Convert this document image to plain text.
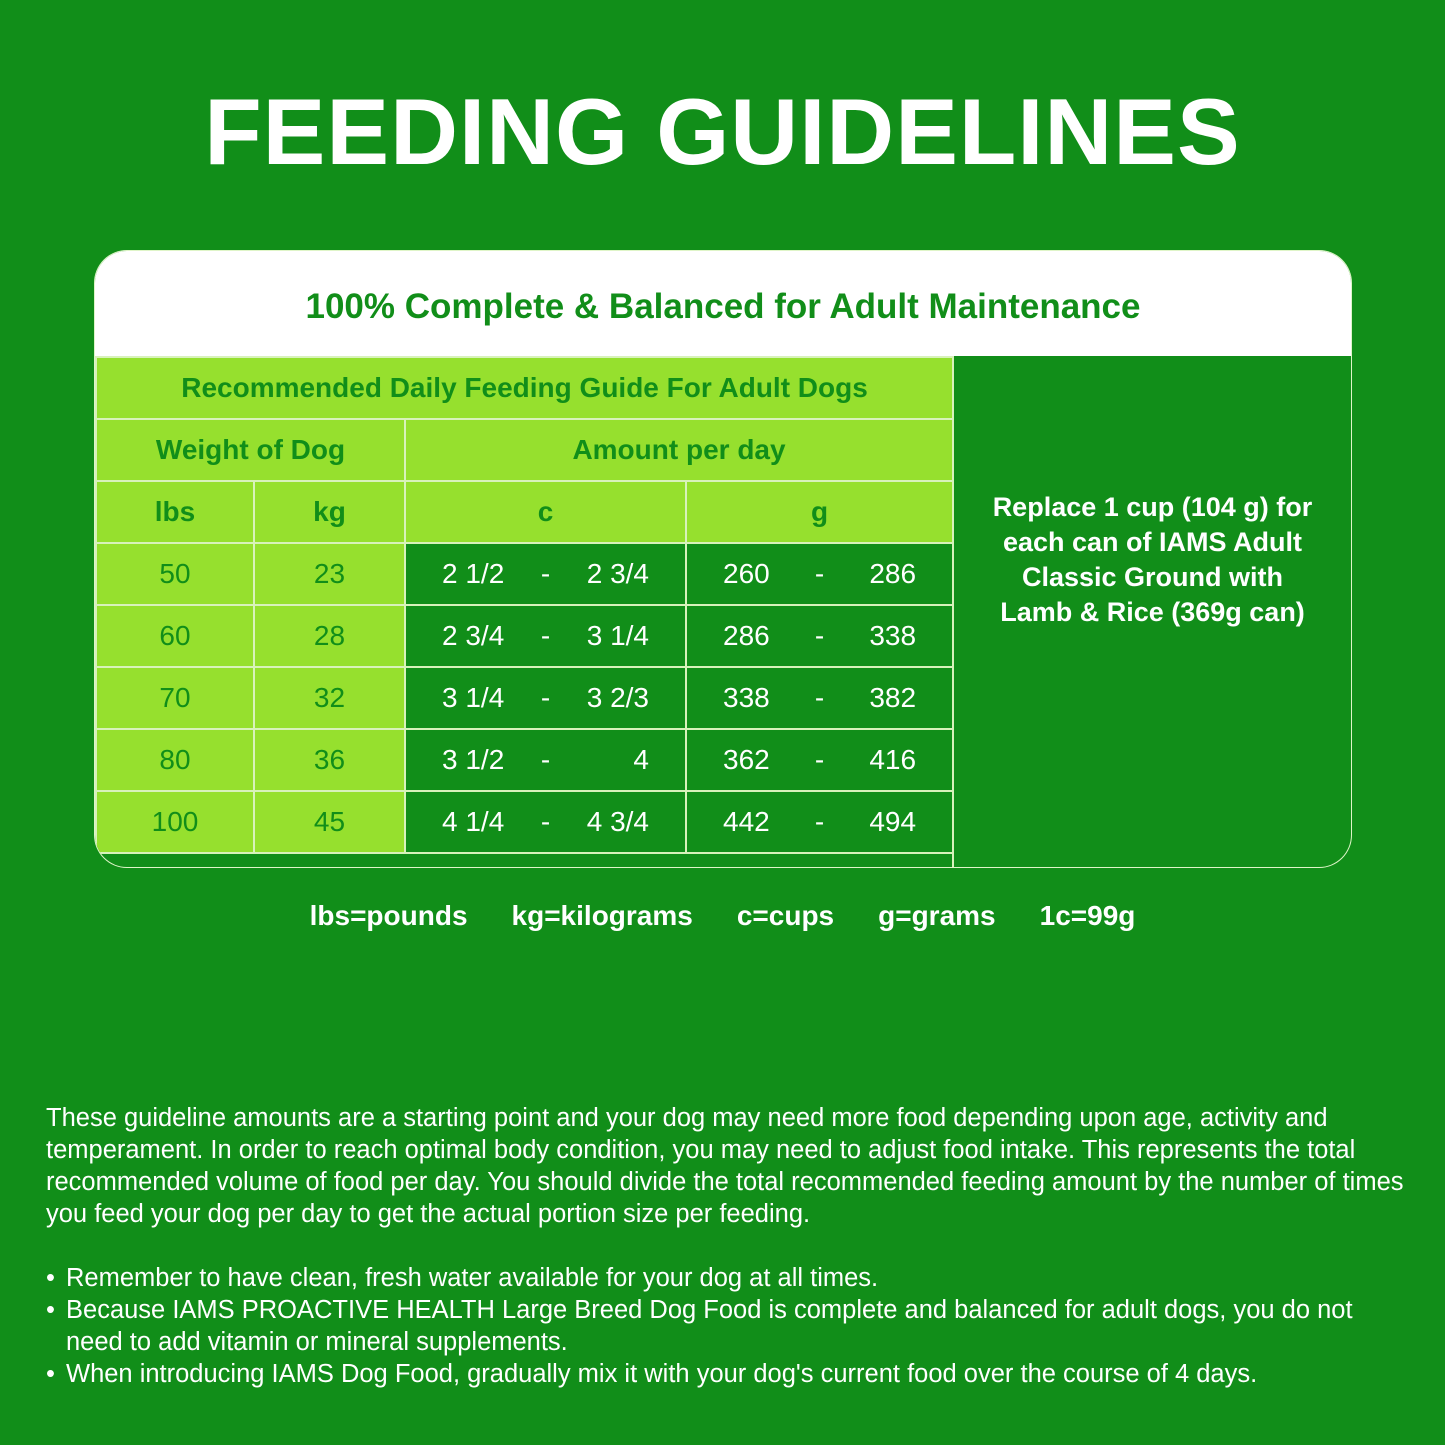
FEEDING GUIDELINES
100% Complete & Balanced for Adult Maintenance
Recommended Daily Feeding Guide For Adult Dogs			
Weight of Dog		Amount per day	
lbs	kg	c	g
50	23	2 1/2 - 2 3/4	260 - 286

60	28	2 3/4 - 3 1/4	286 - 338

70	32	3 1/4 - 3 2/3	338 - 382

80	36	3 1/2 - 4	362 - 416

100	45	4 1/4 - 4 3/4	442 - 494
Replace 1 cup (104 g) for each can of IAMS Adult Classic Ground with Lamb & Rice (369g can)
lbs=pounds kg=kilograms c=cups g=grams 1c=99g

These guideline amounts are a starting point and your dog may need more food depending upon age, activity and temperament. In order to reach optimal body condition, you may need to adjust food intake. This represents the total recommended volume of food per day. You should divide the total recommended feeding amount by the number of times you feed your dog per day to get the actual portion size per feeding.

• Remember to have clean, fresh water available for your dog at all times.
• Because IAMS PROACTIVE HEALTH Large Breed Dog Food is complete and balanced for adult dogs, you do not need to add vitamin or mineral supplements.
• When introducing IAMS Dog Food, gradually mix it with your dog's current food over the course of 4 days.
